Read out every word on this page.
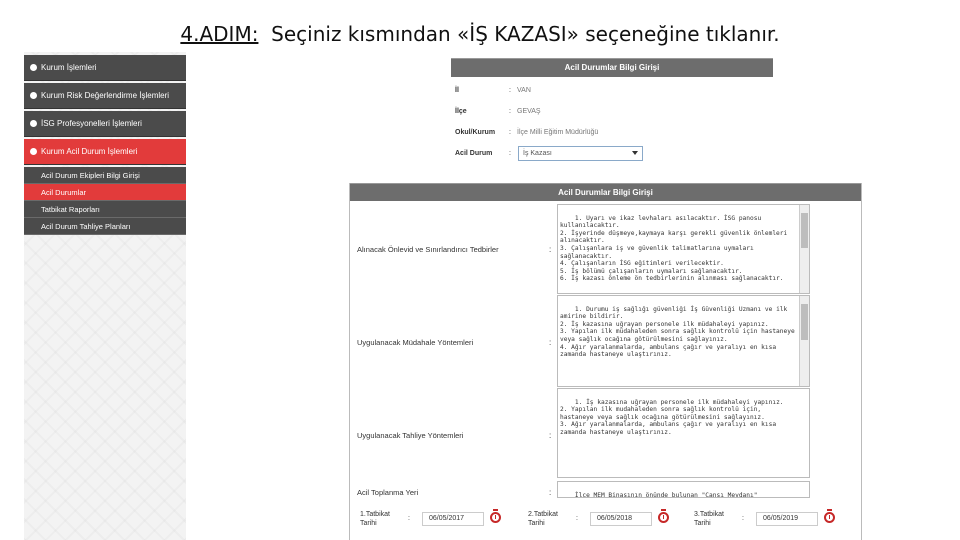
4.ADIM: Seçiniz kısmından «İŞ KAZASI» seçeneğine tıklanır.
Kurum İşlemleri
Kurum Risk Değerlendirme İşlemleri
İSG Profesyonelleri İşlemleri
Kurum Acil Durum İşlemleri
Acil Durum Ekipleri Bilgi Girişi
Acil Durumlar
Tatbikat Raporları
Acil Durum Tahliye Planları
Acil Durumlar Bilgi Girişi
İl	: VAN
İlçe	: GEVAŞ
Okul/Kurum : İlçe Milli Eğitim Müdürlüğü
Acil Durum :	İş Kazası
Acil Durumlar Bilgi Girişi
Alınacak Önlevid ve Sınırlandırıcı Tedbirler	:

1. Uyarı ve ikaz levhaları asılacaktır. İSG panosu kullanılacaktır.
2. İşyerinde düşmeye,kaymaya karşı gerekli güvenlik önlemleri alınacaktır.
3. Çalışanlara iş ve güvenlik talimatlarına uymaları sağlanacaktır.
4. Çalışanların İSG eğitimleri verilecektir.
5. İş bölümü çalışanların uymaları sağlanacaktır.
6. İş kazası önleme ön tedbirlerinin alınması sağlanacaktır.

Uygulanacak Müdahale Yöntemleri	:

1. Durumu iş sağlığı güvenliği İş Güvenliği Uzmanı ve ilk amirine bildirir.
2. İş kazasına uğrayan personele ilk müdahaleyi yapınız.
3. Yapılan ilk müdahaleden sonra sağlık kontrolü için hastaneye veya sağlık ocağına götürülmesini sağlayınız.
4. Ağır yaralanmalarda, ambulans çağır ve yaralıyı en kısa zamanda hastaneye ulaştırınız.

Uygulanacak Tahliye Yöntemleri	:

1. İş kazasına uğrayan personele ilk müdahaleyi yapınız.
2. Yapılan ilk mudahaleden sonra sağlık kontrolü için, hastaneye veya sağlık ocağına götürülmesini sağlayınız.
3. Ağır yaralanmalarda, ambulans çağır ve yaralıyı en kısa zamanda hastaneye ulaştırınız.

Acil Toplanma Yeri	:	İlçe MEM Binasının önünde bulunan "Cansı Meydanı"

1.Tatbikat
Tarihi
:	06/05/2017
2.Tatbikat
Tarihi
:	06/05/2018
3.Tatbikat
Tarihi
:	06/05/2019
